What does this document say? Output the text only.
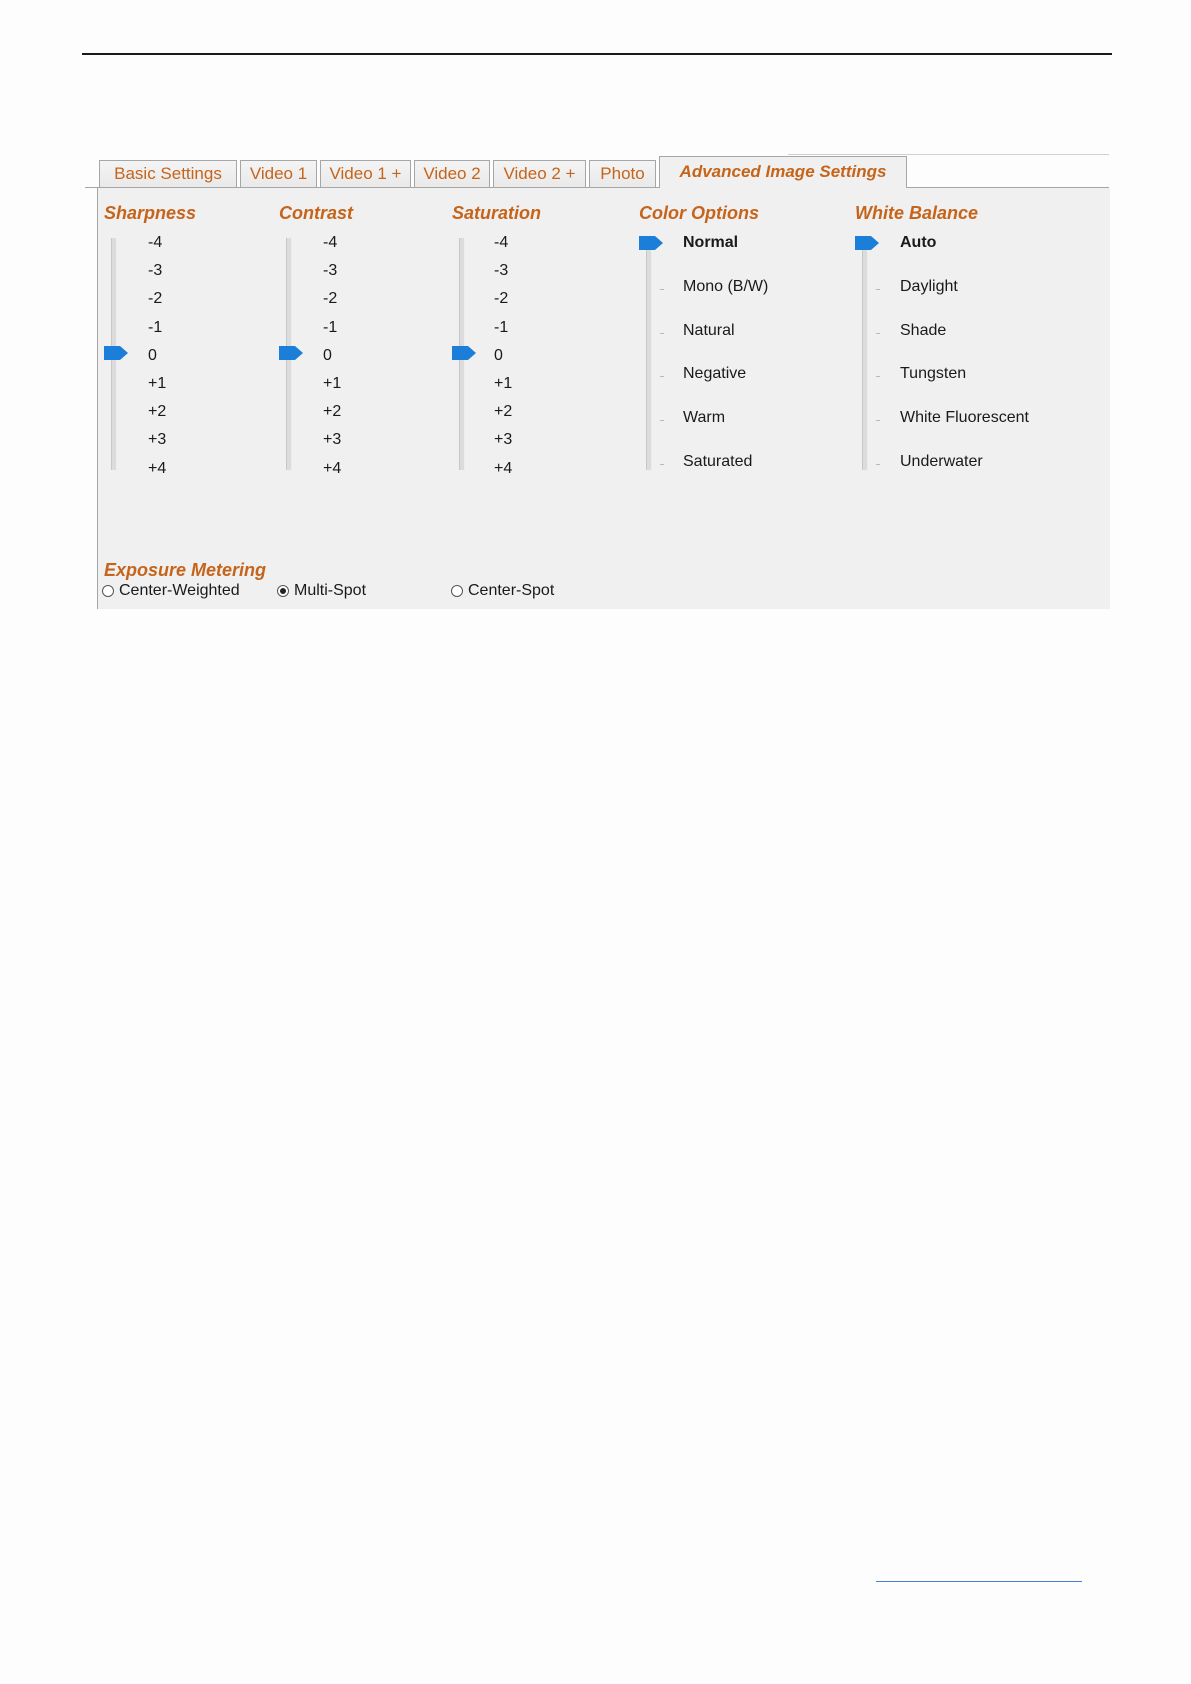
Basic Settings	Video 1	Video 1 +	Video 2	Video 2 +	Photo	Advanced Image Settings
Sharpness
-4
-3
-2
-1
0
+1
+2
+3
+4
Contrast
-4
-3
-2
-1
0
+1
+2
+3
+4
Saturation
-4
-3
-2
-1
0
+1
+2
+3
+4
Color Options
Normal
Mono (B/W)
Natural
Negative
Warm
Saturated
White Balance
Auto
Daylight
Shade
Tungsten
White Fluorescent
Underwater
Exposure Metering
Center-Weighted	Multi-Spot	Center-Spot
